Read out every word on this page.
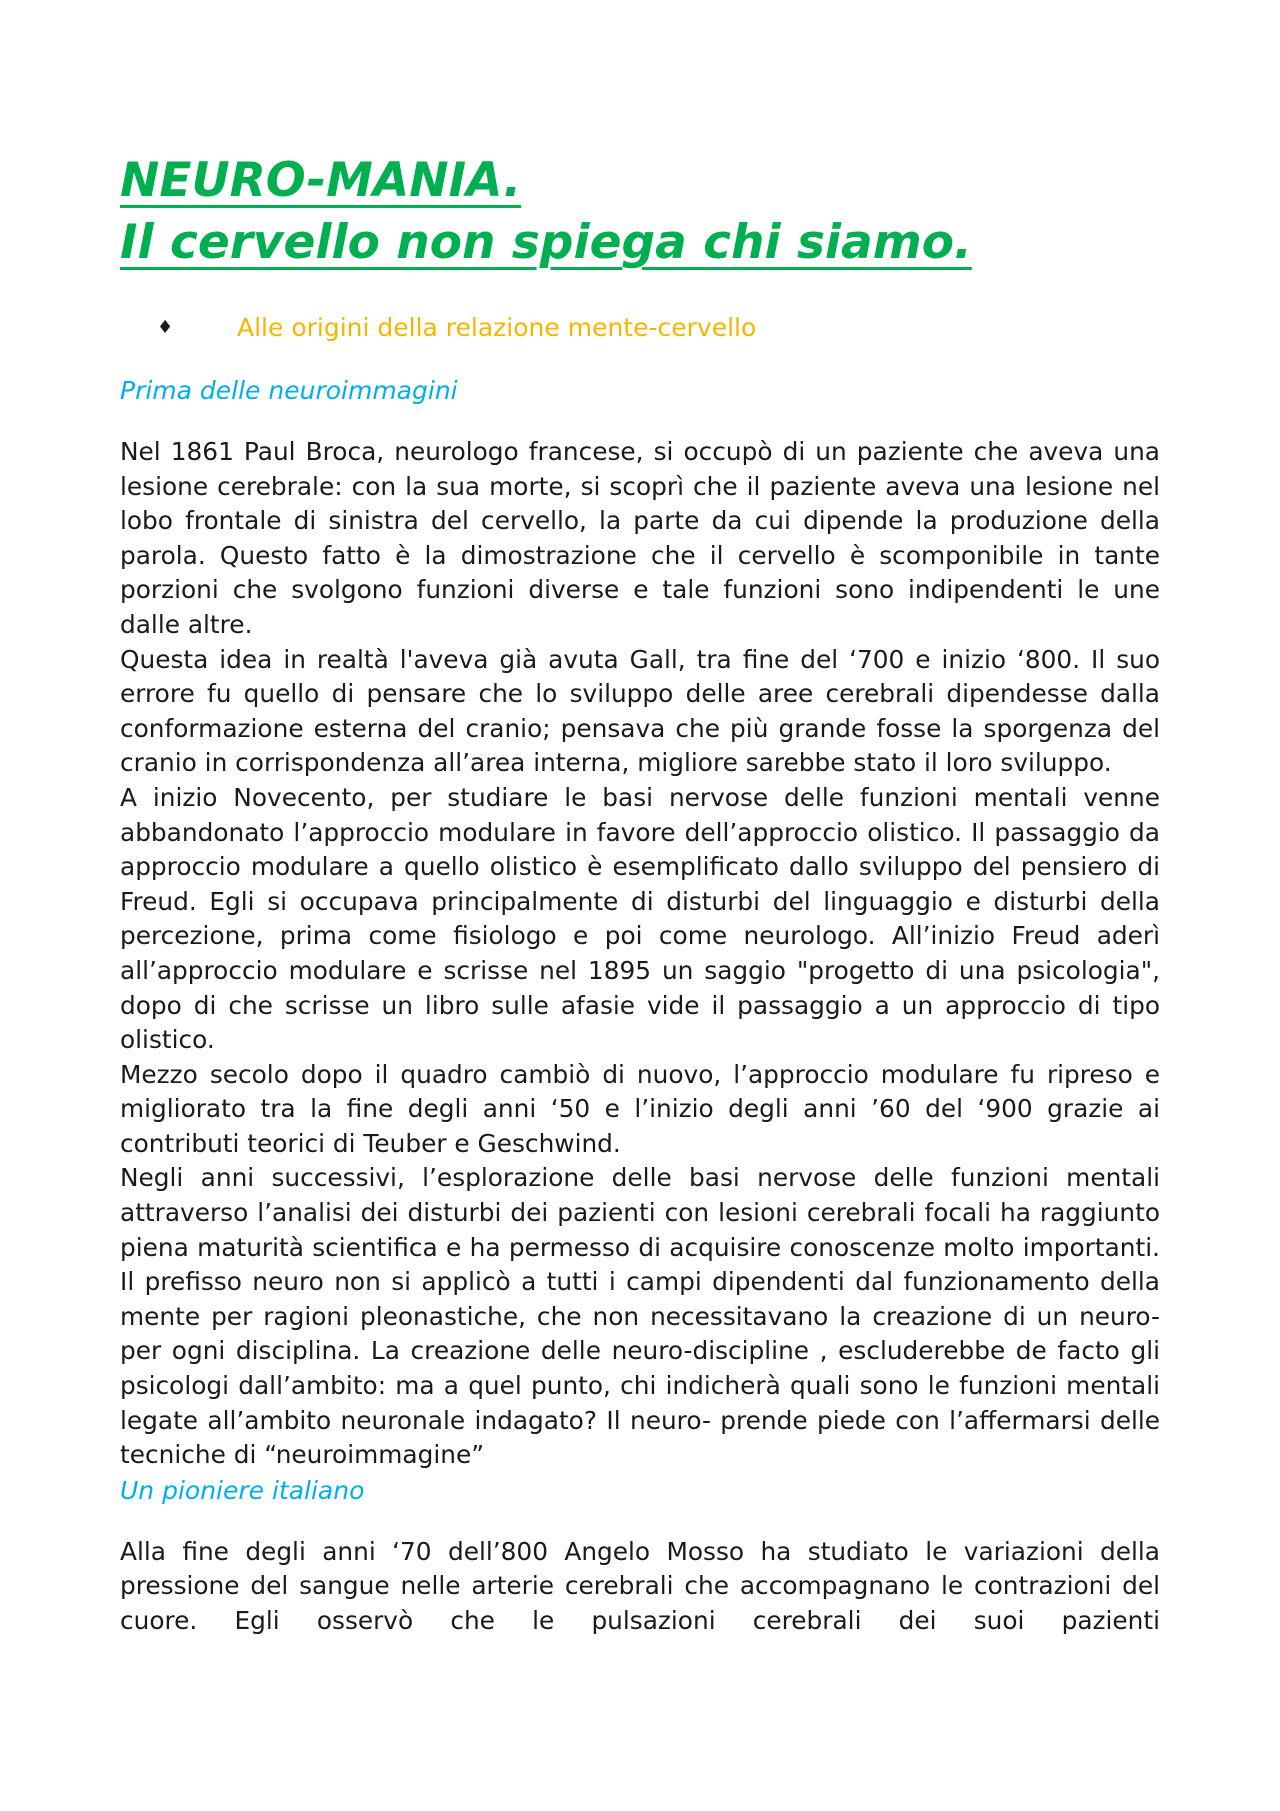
NEURO-MANIA.
Il cervello non spiega chi siamo.
♦	Alle origini della relazione mente-cervello
Prima delle neuroimmagini

Nel 1861 Paul Broca, neurologo francese, si occupò di un paziente che aveva una lesione cerebrale: con la sua morte, si scoprì che il paziente aveva una lesione nel lobo frontale di sinistra del cervello, la parte da cui dipende la produzione della parola. Questo fatto è la dimostrazione che il cervello è scomponibile in tante porzioni che svolgono funzioni diverse e tale funzioni sono indipendenti le une dalle altre.

Questa idea in realtà l'aveva già avuta Gall, tra fine del ‘700 e inizio ‘800. Il suo errore fu quello di pensare che lo sviluppo delle aree cerebrali dipendesse dalla conformazione esterna del cranio; pensava che più grande fosse la sporgenza del cranio in corrispondenza all’area interna, migliore sarebbe stato il loro sviluppo.

A inizio Novecento, per studiare le basi nervose delle funzioni mentali venne abbandonato l’approccio modulare in favore dell’approccio olistico. Il passaggio da approccio modulare a quello olistico è esemplificato dallo sviluppo del pensiero di Freud. Egli si occupava principalmente di disturbi del linguaggio e disturbi della percezione, prima come fisiologo e poi come neurologo. All’inizio Freud aderì all’approccio modulare e scrisse nel 1895 un saggio "progetto di una psicologia", dopo di che scrisse un libro sulle afasie vide il passaggio a un approccio di tipo olistico.

Mezzo secolo dopo il quadro cambiò di nuovo, l’approccio modulare fu ripreso e migliorato tra la fine degli anni ‘50 e l’inizio degli anni ’60 del ‘900 grazie ai contributi teorici di Teuber e Geschwind.

Negli anni successivi, l’esplorazione delle basi nervose delle funzioni mentali attraverso l’analisi dei disturbi dei pazienti con lesioni cerebrali focali ha raggiunto piena maturità scientifica e ha permesso di acquisire conoscenze molto importanti. Il prefisso neuro non si applicò a tutti i campi dipendenti dal funzionamento della mente per ragioni pleonastiche, che non necessitavano la creazione di un neuro- per ogni disciplina. La creazione delle neuro-discipline , escluderebbe de facto gli psicologi dall’ambito: ma a quel punto, chi indicherà quali sono le funzioni mentali legate all’ambito neuronale indagato? Il neuro- prende piede con l’affermarsi delle tecniche di “neuroimmagine”

Un pioniere italiano

Alla fine degli anni ‘70 dell’800 Angelo Mosso ha studiato le variazioni della pressione del sangue nelle arterie cerebrali che accompagnano le contrazioni del cuore. Egli osservò che le pulsazioni cerebrali dei suoi pazienti
